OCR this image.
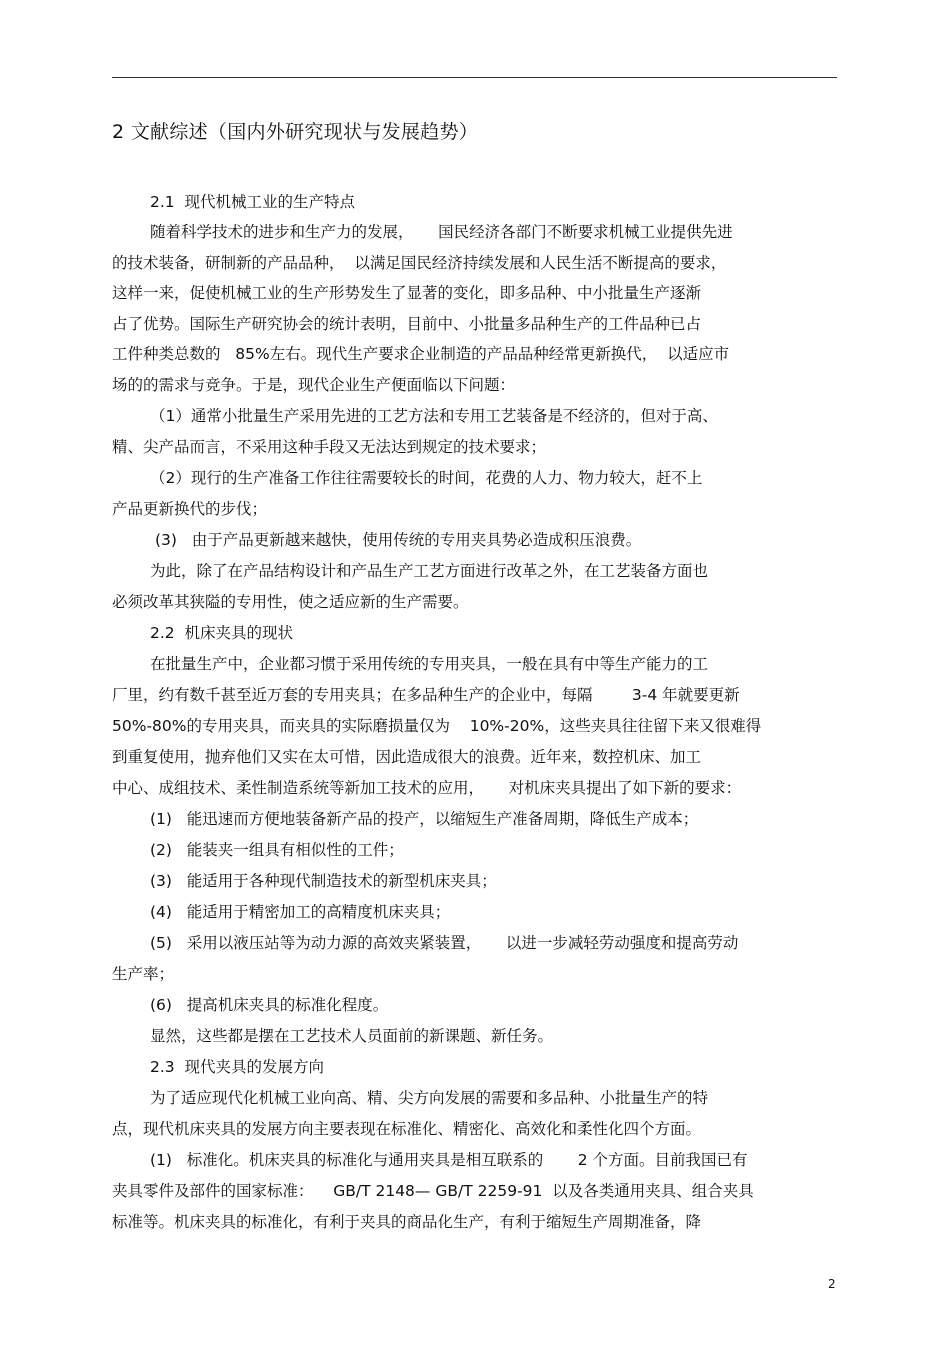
2 文献综述（国内外研究现状与发展趋势）

2.1  现代机械工业的生产特点

随着科学技术的进步和生产力的发展，     国民经济各部门不断要求机械工业提供先进

的技术装备，研制新的产品品种，  以满足国民经济持续发展和人民生活不断提高的要求，

这样一来，促使机械工业的生产形势发生了显著的变化，即多品种、中小批量生产逐渐

占了优势。国际生产研究协会的统计表明，目前中、小批量多品种生产的工件品种已占

工件种类总数的   85%左右。现代生产要求企业制造的产品品种经常更新换代，  以适应市

场的的需求与竞争。于是，现代企业生产便面临以下问题：

（1）通常小批量生产采用先进的工艺方法和专用工艺装备是不经济的，但对于高、

精、尖产品而言，不采用这种手段又无法达到规定的技术要求；

（2）现行的生产准备工作往往需要较长的时间，花费的人力、物力较大，赶不上

产品更新换代的步伐；

(3)   由于产品更新越来越快，使用传统的专用夹具势必造成积压浪费。

为此，除了在产品结构设计和产品生产工艺方面进行改革之外，在工艺装备方面也

必须改革其狭隘的专用性，使之适应新的生产需要。

2.2  机床夹具的现状

在批量生产中，企业都习惯于采用传统的专用夹具，一般在具有中等生产能力的工

厂里，约有数千甚至近万套的专用夹具；在多品种生产的企业中，每隔        3-4 年就要更新

50%-80%的专用夹具，而夹具的实际磨损量仅为    10%-20%，这些夹具往往留下来又很难得

到重复使用，抛弃他们又实在太可惜，因此造成很大的浪费。近年来，数控机床、加工

中心、成组技术、柔性制造系统等新加工技术的应用，     对机床夹具提出了如下新的要求：

(1)   能迅速而方便地装备新产品的投产，以缩短生产准备周期，降低生产成本；

(2)   能装夹一组具有相似性的工件；

(3)   能适用于各种现代制造技术的新型机床夹具；

(4)   能适用于精密加工的高精度机床夹具；

(5)   采用以液压站等为动力源的高效夹紧装置，     以进一步减轻劳动强度和提高劳动

生产率；

(6)   提高机床夹具的标准化程度。

显然，这些都是摆在工艺技术人员面前的新课题、新任务。

2.3  现代夹具的发展方向

为了适应现代化机械工业向高、精、尖方向发展的需要和多品种、小批量生产的特

点，现代机床夹具的发展方向主要表现在标准化、精密化、高效化和柔性化四个方面。

(1)   标准化。机床夹具的标准化与通用夹具是相互联系的       2 个方面。目前我国已有

夹具零件及部件的国家标准：    GB/T 2148— GB/T 2259-91  以及各类通用夹具、组合夹具

标准等。机床夹具的标准化，有利于夹具的商品化生产，有利于缩短生产周期准备，降

2
